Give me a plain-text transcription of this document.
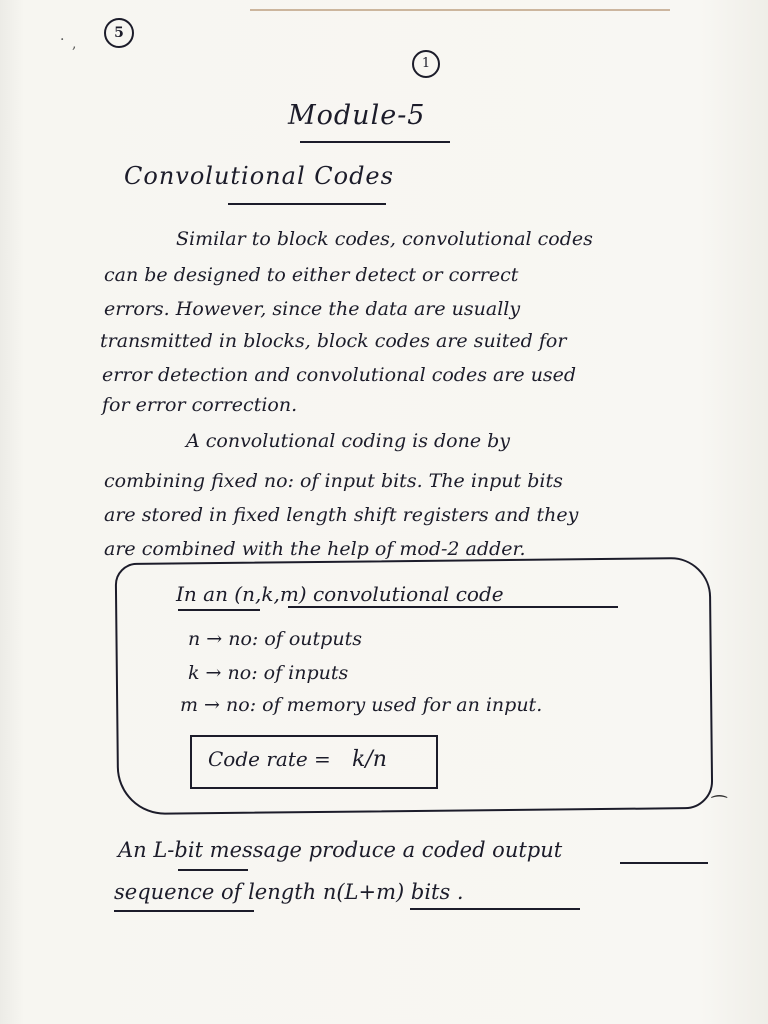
· ,
5
1
Module-5
Convolutional Codes
Similar to block codes, convolutional codes
can be designed to either detect or correct
errors. However, since the data are usually
transmitted in blocks, block codes are suited for
error detection and convolutional codes are used
for error correction.
A convolutional coding is done by
combining fixed no: of input bits. The input bits
are stored in fixed length shift registers and they
are combined with the help of mod-2 adder.
In an (n,k,m) convolutional code
n → no: of outputs
k → no: of inputs
m → no: of memory used for an input.
Code rate = k/n
⁀
An L-bit message produce a coded output
sequence of length n(L+m) bits .
